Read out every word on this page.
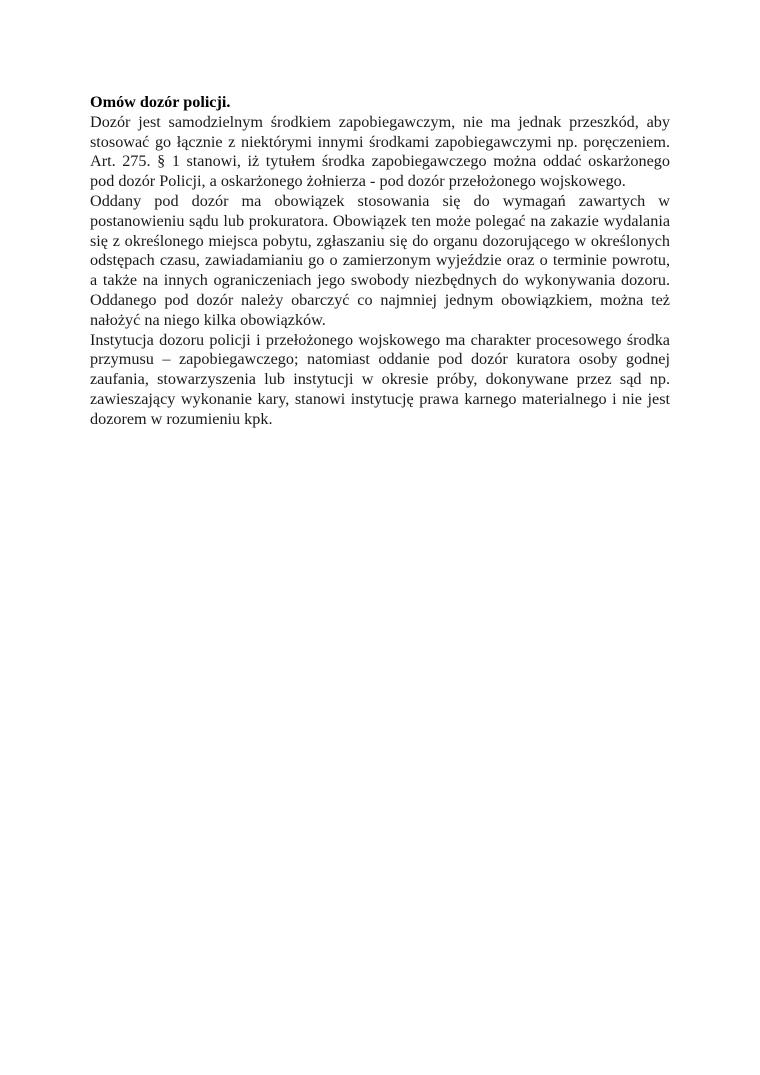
Omów dozór policji.

Dozór jest samodzielnym środkiem zapobiegawczym, nie ma jednak przeszkód, aby stosować go łącznie z niektórymi innymi środkami zapobiegawczymi np. poręczeniem. Art. 275. § 1 stanowi, iż tytułem środka zapobiegawczego można oddać oskarżonego pod dozór Policji, a oskarżonego żołnierza - pod dozór przełożonego wojskowego.

Oddany pod dozór ma obowiązek stosowania się do wymagań zawartych w postanowieniu sądu lub prokuratora. Obowiązek ten może polegać na zakazie wydalania się z określonego miejsca pobytu, zgłaszaniu się do organu dozorującego w określonych odstępach czasu, zawiadamianiu go o zamierzonym wyjeździe oraz o terminie powrotu, a także na innych ograniczeniach jego swobody niezbędnych do wykonywania dozoru. Oddanego pod dozór należy obarczyć co najmniej jednym obowiązkiem, można też nałożyć na niego kilka obowiązków.

Instytucja dozoru policji i przełożonego wojskowego ma charakter procesowego środka przymusu – zapobiegawczego; natomiast oddanie pod dozór kuratora osoby godnej zaufania, stowarzyszenia lub instytucji w okresie próby, dokonywane przez sąd np. zawieszający wykonanie kary, stanowi instytucję prawa karnego materialnego i nie jest dozorem w rozumieniu kpk.
